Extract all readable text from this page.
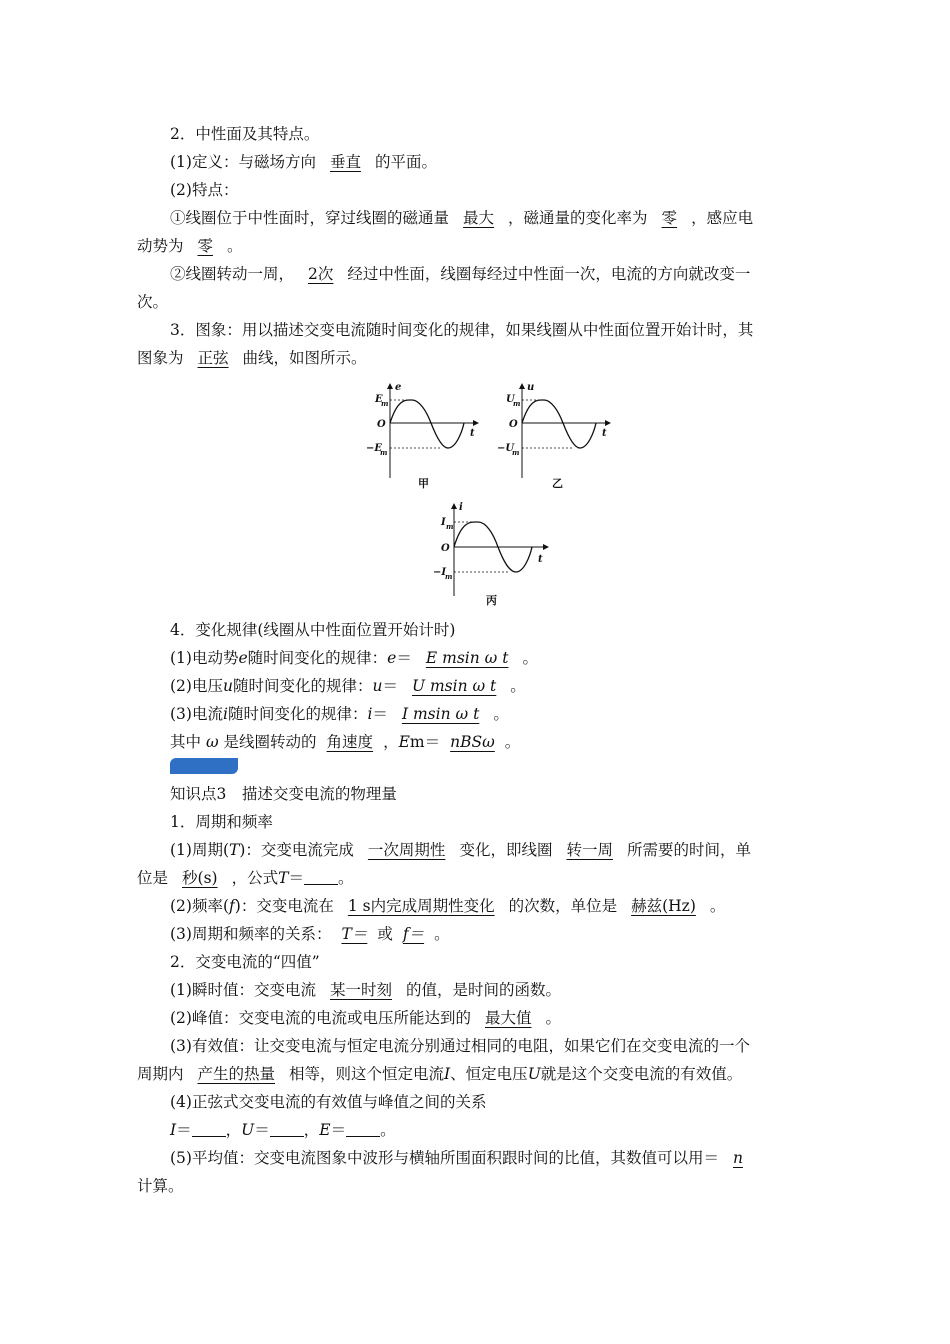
2．中性面及其特点。
(1)定义：与磁场方向 垂直 的平面。
(2)特点：
①线圈位于中性面时，穿过线圈的磁通量 最大 ，磁通量的变化率为 零 ，感应电
动势为 零 。
②线圈转动一周， 2次 经过中性面，线圈每经过中性面一次，电流的方向就改变一
次。
3．图象：用以描述交变电流随时间变化的规律，如果线圈从中性面位置开始计时，其
图象为 正弦 曲线，如图所示。
e
t
O
E
m
−E
m
甲
u
t
O
U
m
−U
m
乙
i
t
O
I m
−I
m
丙
4．变化规律(线圈从中性面位置开始计时)
(1)电动势e随时间变化的规律：e＝ E msin ω t 。
(2)电压u随时间变化的规律：u＝ U msin ω t 。
(3)电流i随时间变化的规律：i＝ I msin ω t 。
其中 ω 是线圈转动的 角速度 ，Em＝ nBSω 。
知识点3　描述交变电流的物理量
1．周期和频率
(1)周期(T)：交变电流完成 一次周期性 变化，即线圈 转一周 所需要的时间，单
位是 秒(s) ，公式T＝ 。
(2)频率(f)：交变电流在 1 s内完成周期性变化 的次数，单位是 赫兹(Hz) 。
(3)周期和频率的关系： T＝ 或 f＝ 。
2．交变电流的“四值”
(1)瞬时值：交变电流 某一时刻 的值，是时间的函数。
(2)峰值：交变电流的电流或电压所能达到的 最大值 。
(3)有效值：让交变电流与恒定电流分别通过相同的电阻，如果它们在交变电流的一个
周期内 产生的热量 相等，则这个恒定电流I、恒定电压U就是这个交变电流的有效值。
(4)正弦式交变电流的有效值与峰值之间的关系
I＝ ，U＝ ，E＝ 。
(5)平均值：交变电流图象中波形与横轴所围面积跟时间的比值，其数值可以用＝ n
计算。
